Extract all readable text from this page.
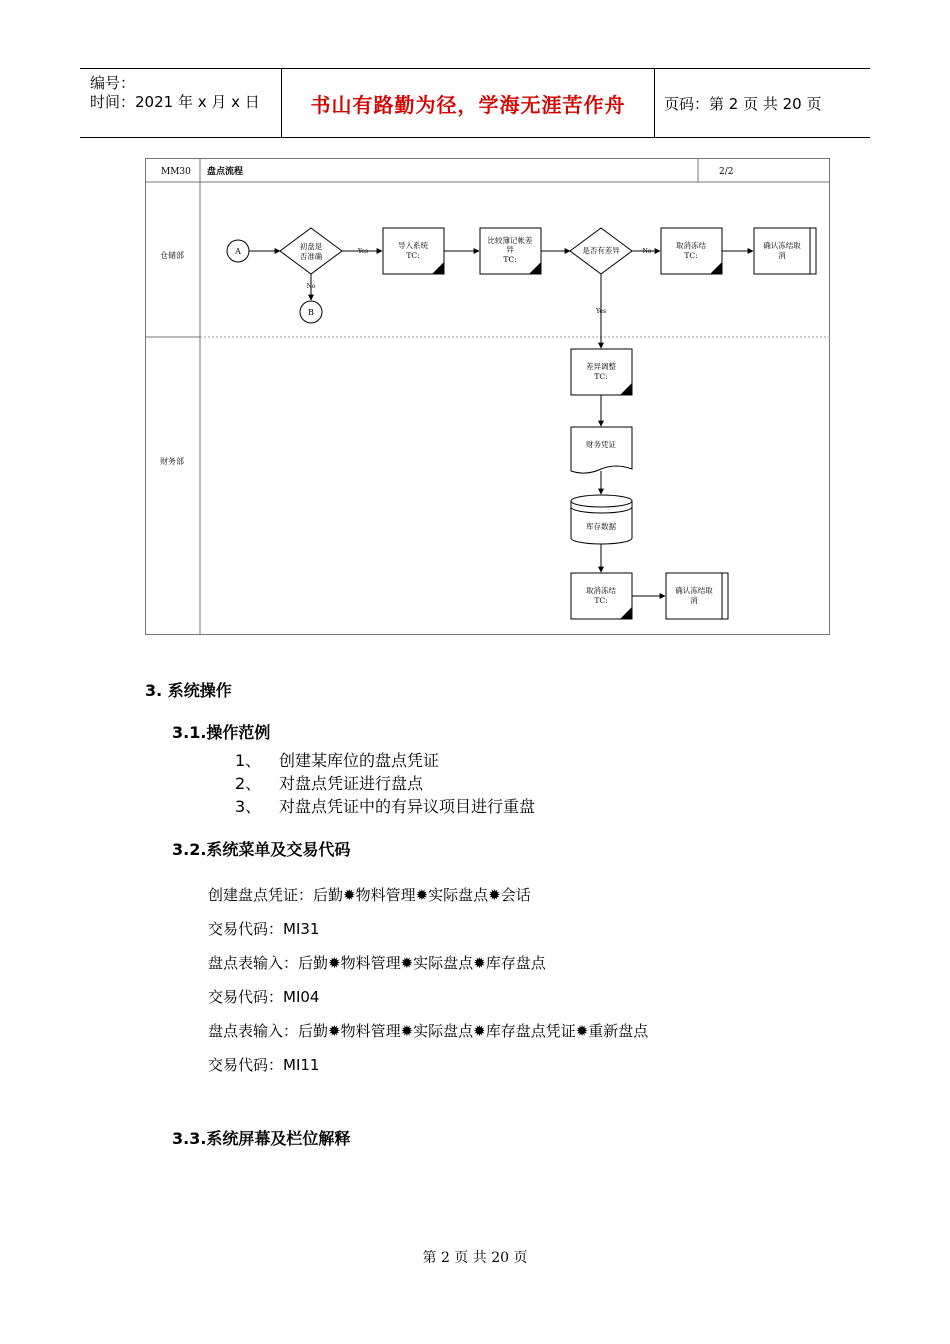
编号：
时间：2021 年 x 月 x 日	书山有路勤为径，学海无涯苦作舟	页码：第 2 页 共 20 页
MM30 盘点流程	2/2
仓储部
财务部
A
初盘是
否准确
No
B
Yes
导入系统
TC:
比较簿记帐差
异
TC:
是否有差异	No
取消冻结
TC:
确认冻结取
消
Yes
差异调整
TC:
财务凭证
库存数据
取消冻结
TC:
确认冻结取
消
3. 系统操作
3.1.操作范例
1、 创建某库位的盘点凭证
2、 对盘点凭证进行盘点
3、 对盘点凭证中的有异议项目进行重盘
3.2.系统菜单及交易代码
创建盘点凭证：后勤✹物料管理✹实际盘点✹会话
交易代码：MI31
盘点表输入：后勤✹物料管理✹实际盘点✹库存盘点
交易代码：MI04
盘点表输入：后勤✹物料管理✹实际盘点✹库存盘点凭证✹重新盘点
交易代码：MI11
3.3.系统屏幕及栏位解释
第 2 页 共 20 页
